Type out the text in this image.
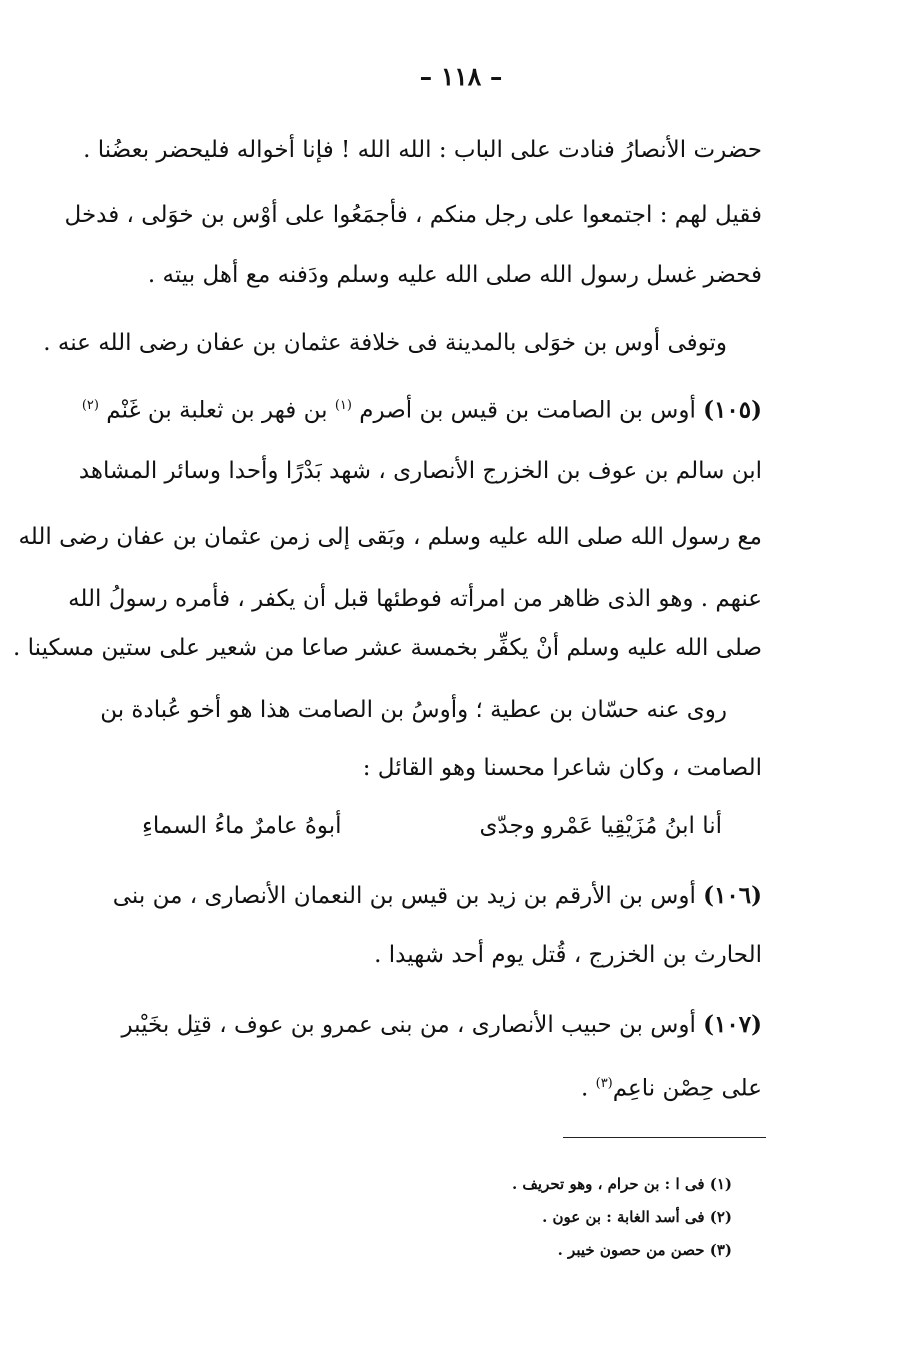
– ١١٨ –
حضرت الأنصارُ فنادت على الباب : الله الله ! فإنا أخواله فليحضر بعضُنا .
فقيل لهم : اجتمعوا على رجل منكم ، فأجمَعُوا على أوْس بن خوَلى ، فدخل
فحضر غسل رسول الله صلى الله عليه وسلم ودَفنه مع أهل بيته .
وتوفى أوس بن خوَلى بالمدينة فى خلافة عثمان بن عفان رضى الله عنه .
(١٠٥) أوس بن الصامت بن قيس بن أصرم $^{(١)}$ بن فهر بن ثعلبة بن غَنْم $^{(٢)}$
ابن سالم بن عوف بن الخزرج الأنصارى ، شهد بَدْرًا وأحدا وسائر المشاهد
مع رسول الله صلى الله عليه وسلم ، وبَقى إلى زمن عثمان بن عفان رضى الله
عنهم . وهو الذى ظاهر من امرأته فوطئها قبل أن يكفر ، فأمره رسولُ الله
صلى الله عليه وسلم أنْ يكفِّر بخمسة عشر صاعا من شعير على ستين مسكينا .
روى عنه حسّان بن عطية ؛ وأوسُ بن الصامت هذا هو أخو عُبادة بن
الصامت ، وكان شاعرا محسنا وهو القائل :
أنا ابنُ مُزَيْقِيا عَمْرو وجدّى
أبوهُ عامرٌ ماءُ السماءِ
(١٠٦) أوس بن الأرقم بن زيد بن قيس بن النعمان الأنصارى ، من بنى
الحارث بن الخزرج ، قُتل يوم أحد شهيدا .
(١٠٧) أوس بن حبيب الأنصارى ، من بنى عمرو بن عوف ، قتِل بخَيْبر
على حِصْن ناعِم$^{(٣)}$ .
(١) فى ا : بن حرام ، وهو تحريف .
(٢) فى أسد الغابة : بن عون .
(٣) حصن من حصون خيبر .
